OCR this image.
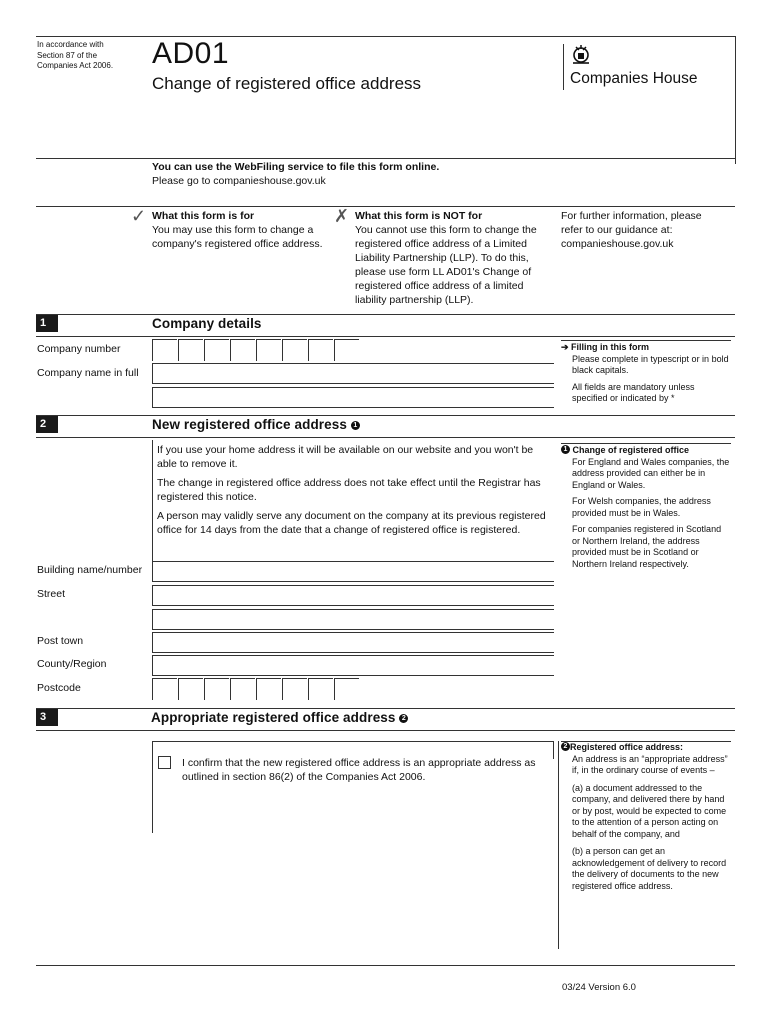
In accordance with Section 87 of the Companies Act 2006.	AD01
Change of registered office address	Companies House
You can use the WebFiling service to file this form online.
Please go to companieshouse.gov.uk
✓ What this form is for

You may use this form to change a company's registered office address.

✗ What this form is NOT for

You cannot use this form to change the registered office address of a Limited Liability Partnership (LLP). To do this, please use form LL AD01's Change of registered office address of a limited liability partnership (LLP).

For further information, please refer to our guidance at: companieshouse.gov.uk
1	Company details
Company number
Company name in full

➔ Filling in this form

Please complete in typescript or in bold black capitals.

All fields are mandatory unless specified or indicated by *

2	New registered office address 1

If you use your home address it will be available on our website and you won't be able to remove it.

The change in registered office address does not take effect until the Registrar has registered this notice.

A person may validly serve any document on the company at its previous registered office for 14 days from the date that a change of registered office is registered.

Building name/number
Street
Post town
County/Region
Postcode

1 Change of registered office

For England and Wales companies, the address provided can either be in England or Wales.

For Welsh companies, the address provided must be in Wales.

For companies registered in Scotland or Northern Ireland, the address provided must be in Scotland or Northern Ireland respectively.

3	Appropriate registered office address 2
I confirm that the new registered office address is an appropriate address as outlined in section 86(2) of the Companies Act 2006.

2 Registered office address:

An address is an “appropriate address” if, in the ordinary course of events –

(a) a document addressed to the company, and delivered there by hand or by post, would be expected to come to the attention of a person acting on behalf of the company, and

(b) a person can get an acknowledgement of delivery to record the delivery of documents to the new registered office address.

03/24 Version 6.0
